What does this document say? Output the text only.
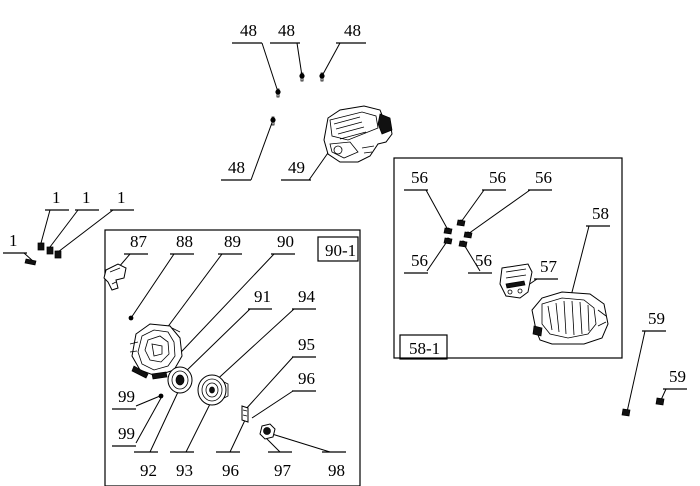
48 48	48
48	49
1 1 1
1	87 88 89 90 90-1
91 94
95
96
99
99
92 93 96 97 98
56	56 56
56	56	57
58
58-1
59
59
